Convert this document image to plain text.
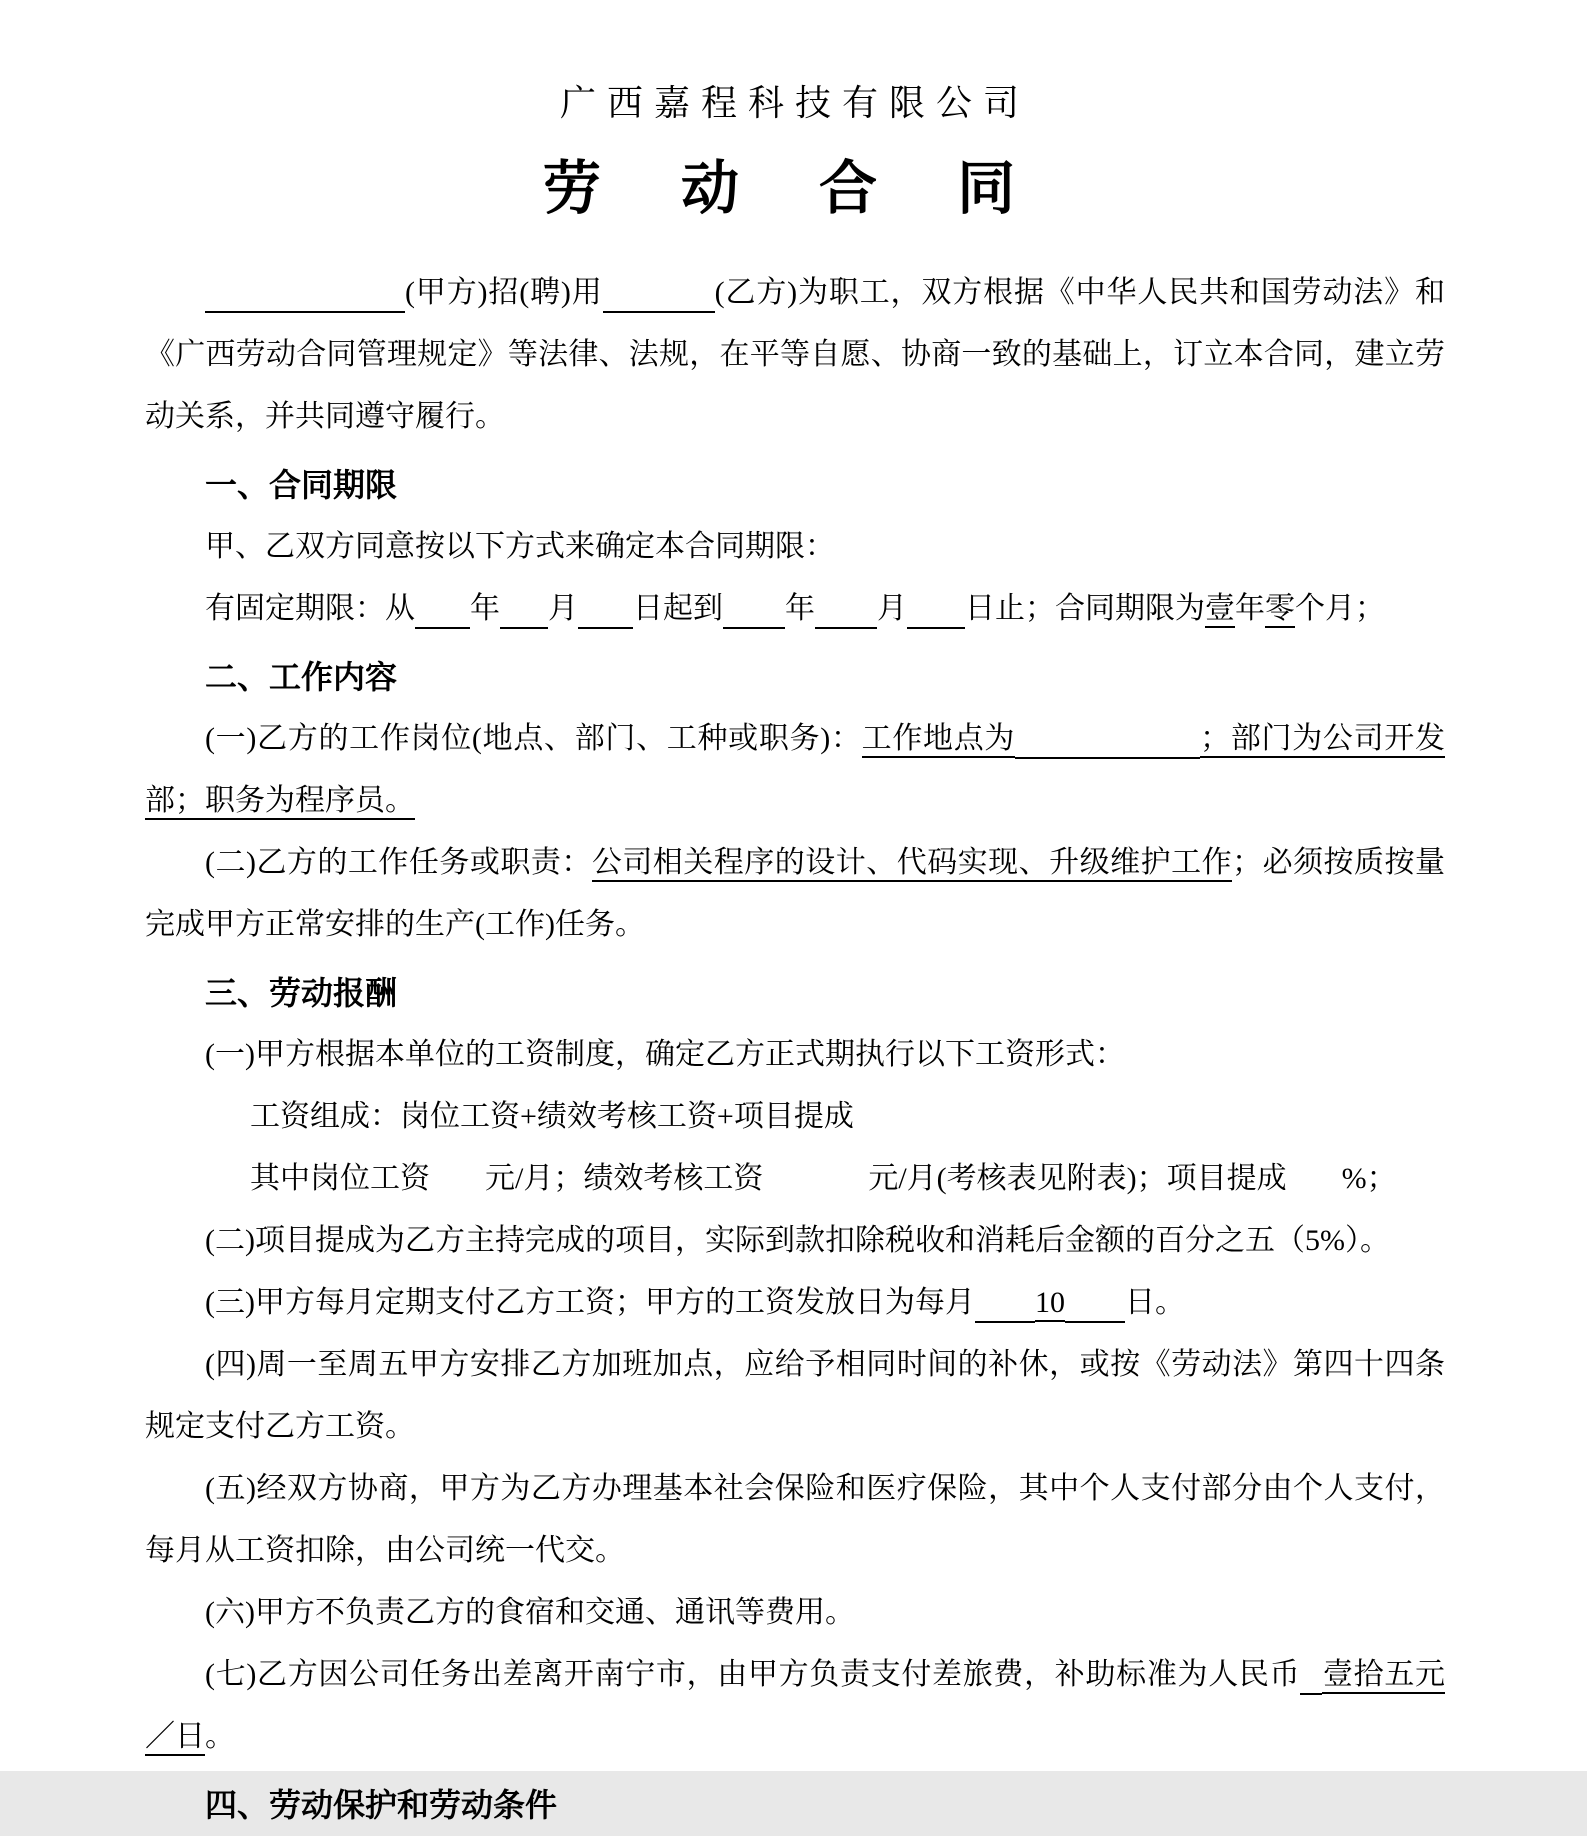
广西嘉程科技有限公司
劳 动 合 同

(甲方)招(聘)用	(乙方)为职工，双方根据《中华人民共和国劳动法》和《广西劳动合同管理规定》等法律、法规，在平等自愿、协商一致的基础上，订立本合同，建立劳动关系，并共同遵守履行。

一、合同期限

甲、乙双方同意按以下方式来确定本合同期限：

有固定期限：从 年 月 日起到 年 月 日止；合同期限为壹年零个月；

二、工作内容

(一)乙方的工作岗位(地点、部门、工种或职务)：工作地点为	；部门为公司开发部；职务为程序员。

(二)乙方的工作任务或职责：公司相关程序的设计、代码实现、升级维护工作；必须按质按量完成甲方正常安排的生产(工作)任务。

三、劳动报酬

(一)甲方根据本单位的工资制度，确定乙方正式期执行以下工资形式：

工资组成：岗位工资+绩效考核工资+项目提成

其中岗位工资 元/月；绩效考核工资	元/月(考核表见附表)；项目提成 %；

(二)项目提成为乙方主持完成的项目，实际到款扣除税收和消耗后金额的百分之五（5%）。

(三)甲方每月定期支付乙方工资；甲方的工资发放日为每月 10 日。

(四)周一至周五甲方安排乙方加班加点，应给予相同时间的补休，或按《劳动法》第四十四条规定支付乙方工资。

(五)经双方协商，甲方为乙方办理基本社会保险和医疗保险，其中个人支付部分由个人支付，每月从工资扣除，由公司统一代交。

(六)甲方不负责乙方的食宿和交通、通讯等费用。

(七)乙方因公司任务出差离开南宁市，由甲方负责支付差旅费，补助标准为人民币 壹拾五元／日。

四、劳动保护和劳动条件
